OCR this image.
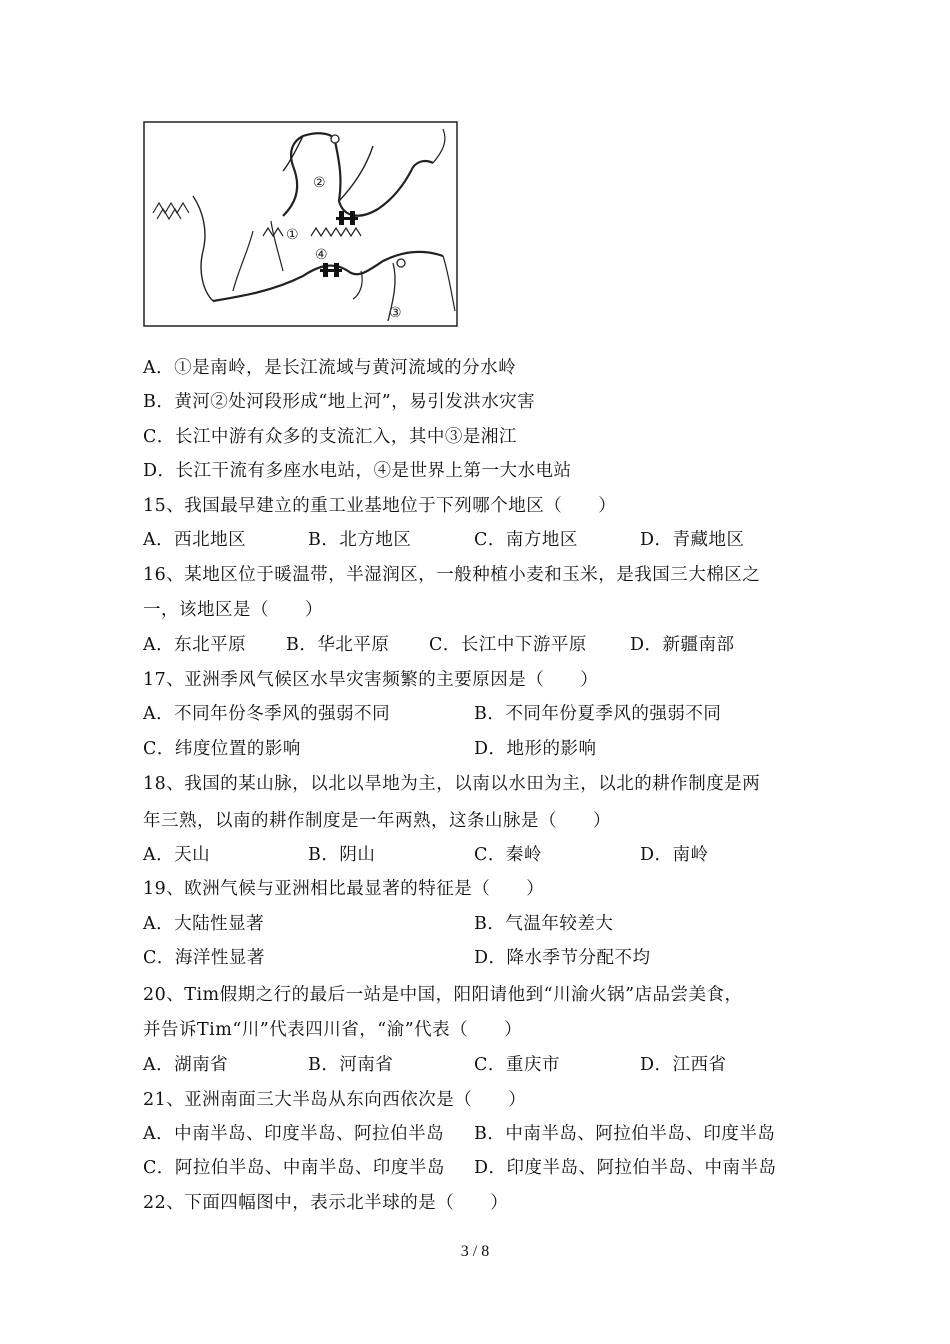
②
①
④
③
A．①是南岭，是长江流域与黄河流域的分水岭
B．黄河②处河段形成“地上河”，易引发洪水灾害
C．长江中游有众多的支流汇入，其中③是湘江
D．长江干流有多座水电站，④是世界上第一大水电站
15、我国最早建立的重工业基地位于下列哪个地区（　　）
A．西北地区	B．北方地区	C．南方地区	D．青藏地区
16、某地区位于暖温带，半湿润区，一般种植小麦和玉米，是我国三大棉区之
一，该地区是（　　）
A．东北平原 B．华北平原 C．长江中下游平原 D．新疆南部
17、亚洲季风气候区水旱灾害频繁的主要原因是（　　）
A．不同年份冬季风的强弱不同	B．不同年份夏季风的强弱不同
C．纬度位置的影响	D．地形的影响
18、我国的某山脉，以北以旱地为主，以南以水田为主，以北的耕作制度是两
年三熟，以南的耕作制度是一年两熟，这条山脉是（　　）
A．天山	B．阴山	C．秦岭	D．南岭
19、欧洲气候与亚洲相比最显著的特征是（　　）
A．大陆性显著	B．气温年较差大
C．海洋性显著	D．降水季节分配不均
20、Tim假期之行的最后一站是中国，阳阳请他到“川渝火锅”店品尝美食，
并告诉Tim“川”代表四川省，“渝”代表（　　）
A．湖南省	B．河南省	C．重庆市	D．江西省
21、亚洲南面三大半岛从东向西依次是（　　）
A．中南半岛、印度半岛、阿拉伯半岛 B．中南半岛、阿拉伯半岛、印度半岛
C．阿拉伯半岛、中南半岛、印度半岛 D．印度半岛、阿拉伯半岛、中南半岛
22、下面四幅图中，表示北半球的是（　　）
3 / 8
